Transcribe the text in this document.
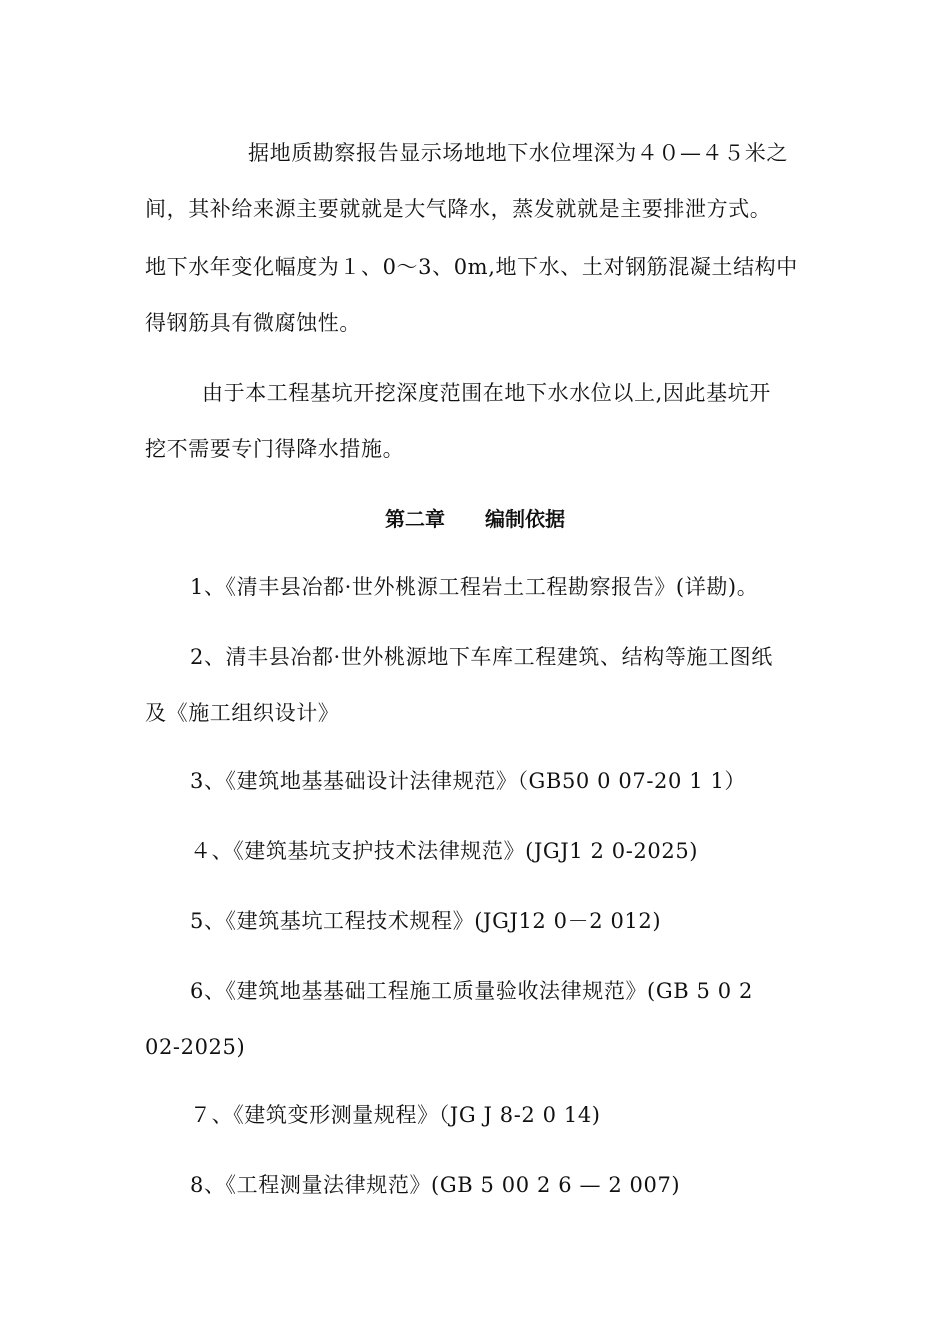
据地质勘察报告显示场地地下水位埋深为４０—４５米之
间，其补给来源主要就就是大气降水，蒸发就就是主要排泄方式。
地下水年变化幅度为１、0～3、0m,地下水、土对钢筋混凝土结构中
得钢筋具有微腐蚀性。
由于本工程基坑开挖深度范围在地下水水位以上,因此基坑开
挖不需要专门得降水措施。
第二章　　编制依据
1、《清丰县冶都·世外桃源工程岩土工程勘察报告》(详勘)。
2、清丰县冶都·世外桃源地下车库工程建筑、结构等施工图纸
及《施工组织设计》
3、《建筑地基基础设计法律规范》（GB50 0 07-20 1 1）
４、《建筑基坑支护技术法律规范》(JGJ1 2 0-2025)
5、《建筑基坑工程技术规程》(JGJ12 0－2 012)
6、《建筑地基基础工程施工质量验收法律规范》(GB 5 0 2
02-2025)
７、《建筑变形测量规程》（JG J 8-2 0 14)
8、《工程测量法律规范》(GB 5 00 2 6 — 2 007)
